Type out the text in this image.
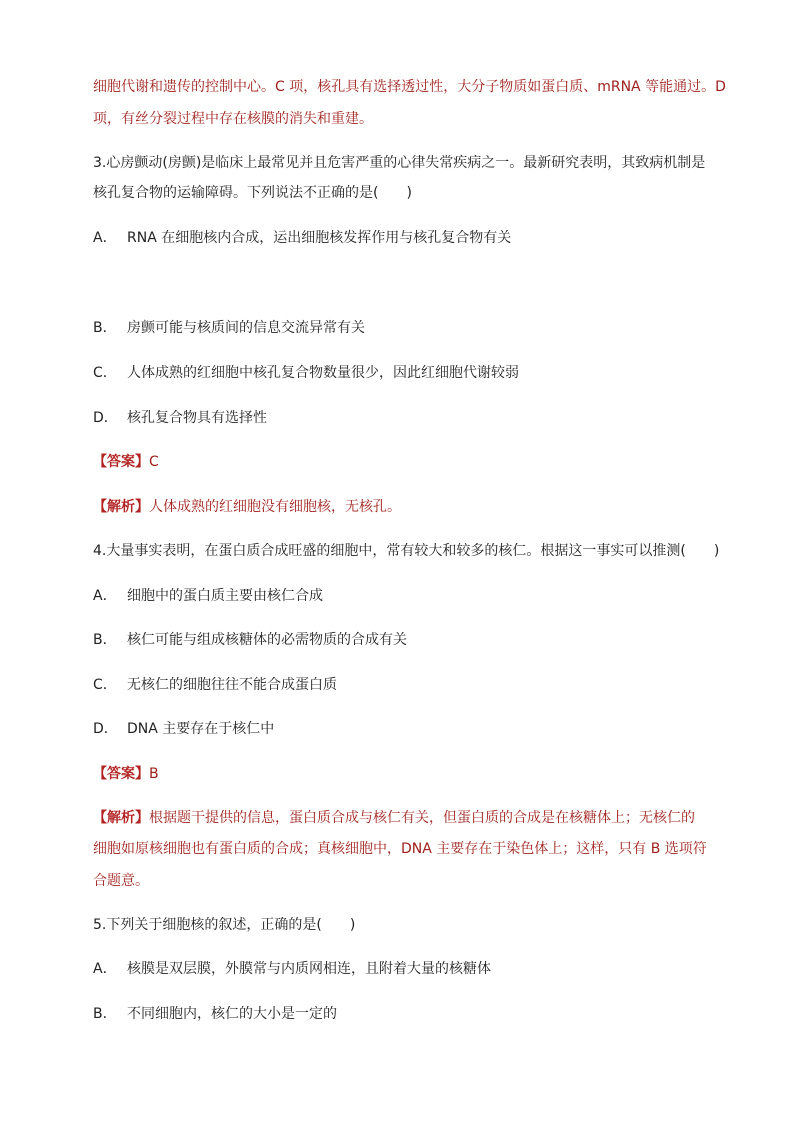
细胞代谢和遗传的控制中心。C 项，核孔具有选择透过性，大分子物质如蛋白质、mRNA 等能通过。D
项，有丝分裂过程中存在核膜的消失和重建。
3.心房颤动(房颤)是临床上最常见并且危害严重的心律失常疾病之一。最新研究表明，其致病机制是
核孔复合物的运输障碍。下列说法不正确的是(　　)
A． RNA 在细胞核内合成，运出细胞核发挥作用与核孔复合物有关
B． 房颤可能与核质间的信息交流异常有关
C． 人体成熟的红细胞中核孔复合物数量很少，因此红细胞代谢较弱
D． 核孔复合物具有选择性
【答案】C
【解析】人体成熟的红细胞没有细胞核，无核孔。
4.大量事实表明，在蛋白质合成旺盛的细胞中，常有较大和较多的核仁。根据这一事实可以推测(　　)
A． 细胞中的蛋白质主要由核仁合成
B． 核仁可能与组成核糖体的必需物质的合成有关
C． 无核仁的细胞往往不能合成蛋白质
D． DNA 主要存在于核仁中
【答案】B
【解析】根据题干提供的信息，蛋白质合成与核仁有关，但蛋白质的合成是在核糖体上；无核仁的
细胞如原核细胞也有蛋白质的合成；真核细胞中，DNA 主要存在于染色体上；这样，只有 B 选项符
合题意。
5.下列关于细胞核的叙述，正确的是(　　)
A． 核膜是双层膜，外膜常与内质网相连，且附着大量的核糖体
B． 不同细胞内，核仁的大小是一定的
